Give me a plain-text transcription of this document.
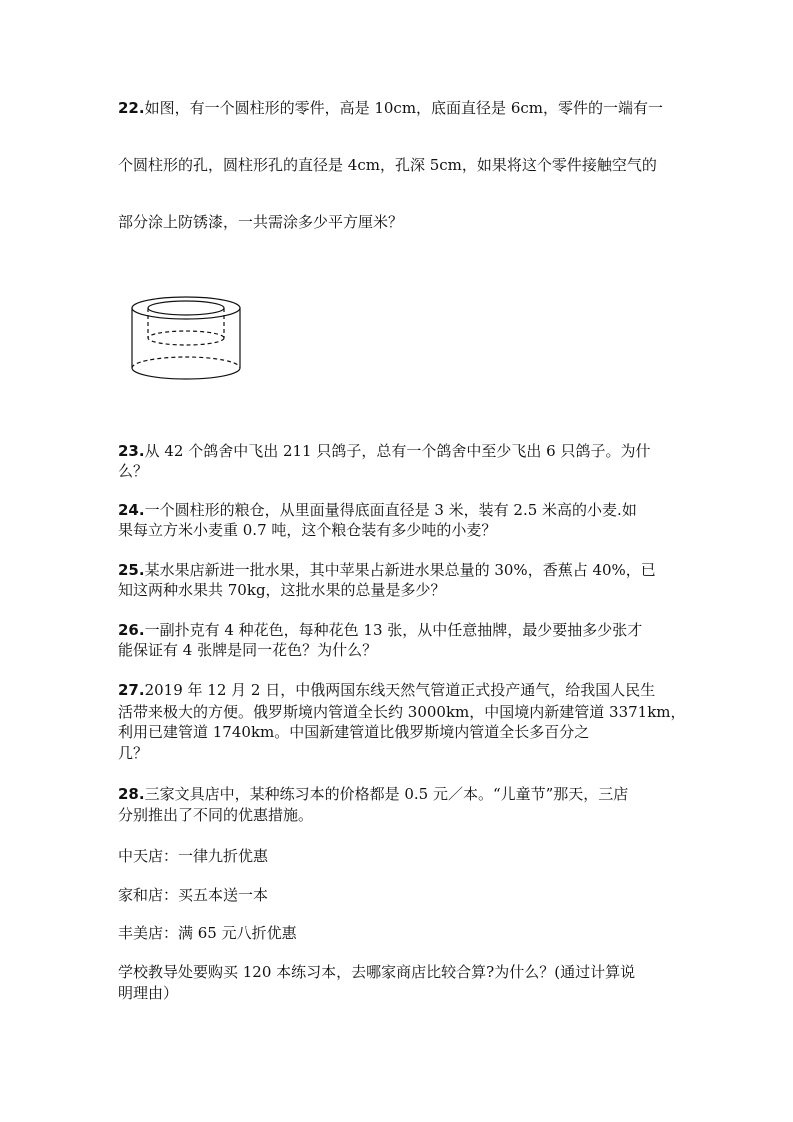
22.如图，有一个圆柱形的零件，高是 10cm，底面直径是 6cm，零件的一端有一
个圆柱形的孔，圆柱形孔的直径是 4cm，孔深 5cm，如果将这个零件接触空气的
部分涂上防锈漆，一共需涂多少平方厘米？
23.从 42 个鸽舍中飞出 211 只鸽子，总有一个鸽舍中至少飞出 6 只鸽子。为什
么？
24.一个圆柱形的粮仓，从里面量得底面直径是 3 米，装有 2.5 米高的小麦.如
果每立方米小麦重 0.7 吨，这个粮仓装有多少吨的小麦？
25.某水果店新进一批水果，其中苹果占新进水果总量的 30%，香蕉占 40%，已
知这两种水果共 70kg，这批水果的总量是多少？
26.一副扑克有 4 种花色，每种花色 13 张，从中任意抽牌，最少要抽多少张才
能保证有 4 张牌是同一花色？为什么？
27.2019 年 12 月 2 日，中俄两国东线天然气管道正式投产通气，给我国人民生
活带来极大的方便。俄罗斯境内管道全长约 3000km，中国境内新建管道 3371km，
利用已建管道 1740km。中国新建管道比俄罗斯境内管道全长多百分之
几？
28.三家文具店中，某种练习本的价格都是 0.5 元／本。“儿童节”那天，三店
分别推出了不同的优惠措施。
中天店：一律九折优惠
家和店：买五本送一本
丰美店：满 65 元八折优惠
学校教导处要购买 120 本练习本，去哪家商店比较合算?为什么？(通过计算说
明理由）
